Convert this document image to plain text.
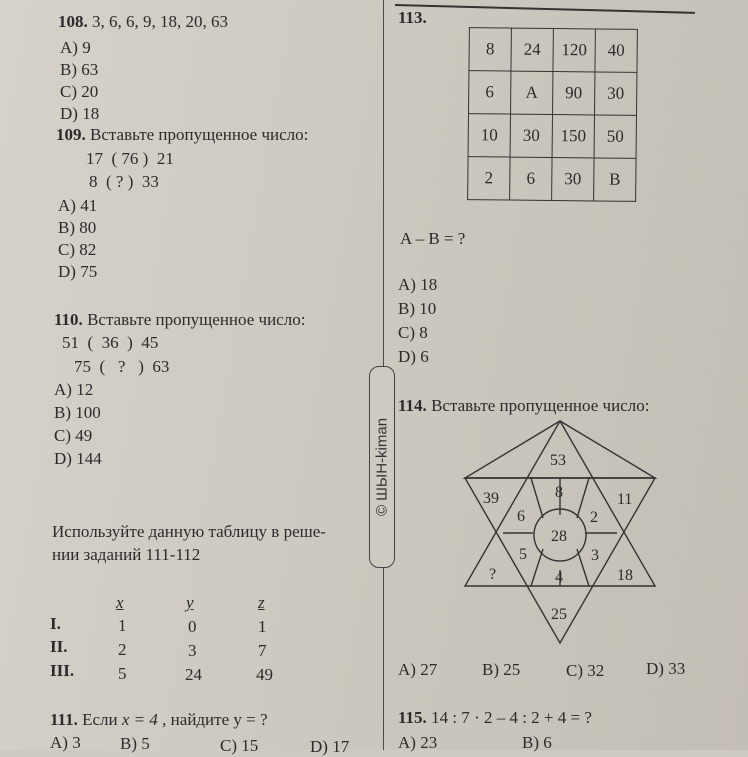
108. 3, 6, 6, 9, 18, 20, 63
A) 9
B) 63
C) 20
D) 18
109. Вставьте пропущенное число:
17  ( 76 )  21
8  ( ? )  33
A) 41
B) 80
C) 82
D) 75
110. Вставьте пропущенное число:
51  (  36  )  45
75  (   ?   )  63
A) 12
B) 100
C) 49
D) 144
Используйте данную таблицу в реше-
нии заданий 111-112
x	y	z
I.	1	0	1
II.	2	3	7
III.	5	24	49
111. Если x = 4 , найдите y = ?
A) 3 B) 5	C) 15	D) 17
© ШЫН-kiman
113.
8	24	120	40
6	A	90	30
10	30	150	50
2	6	30	B
A – B = ?
A) 18
B) 10
C) 8
D) 6
114. Вставьте пропущенное число:
53
39	11
?	18
25
8
6	2
5	3
4
28
A) 27	B) 25	C) 32 D) 33
115. 14 : 7 · 2 – 4 : 2 + 4 = ?
A) 23	B) 6
